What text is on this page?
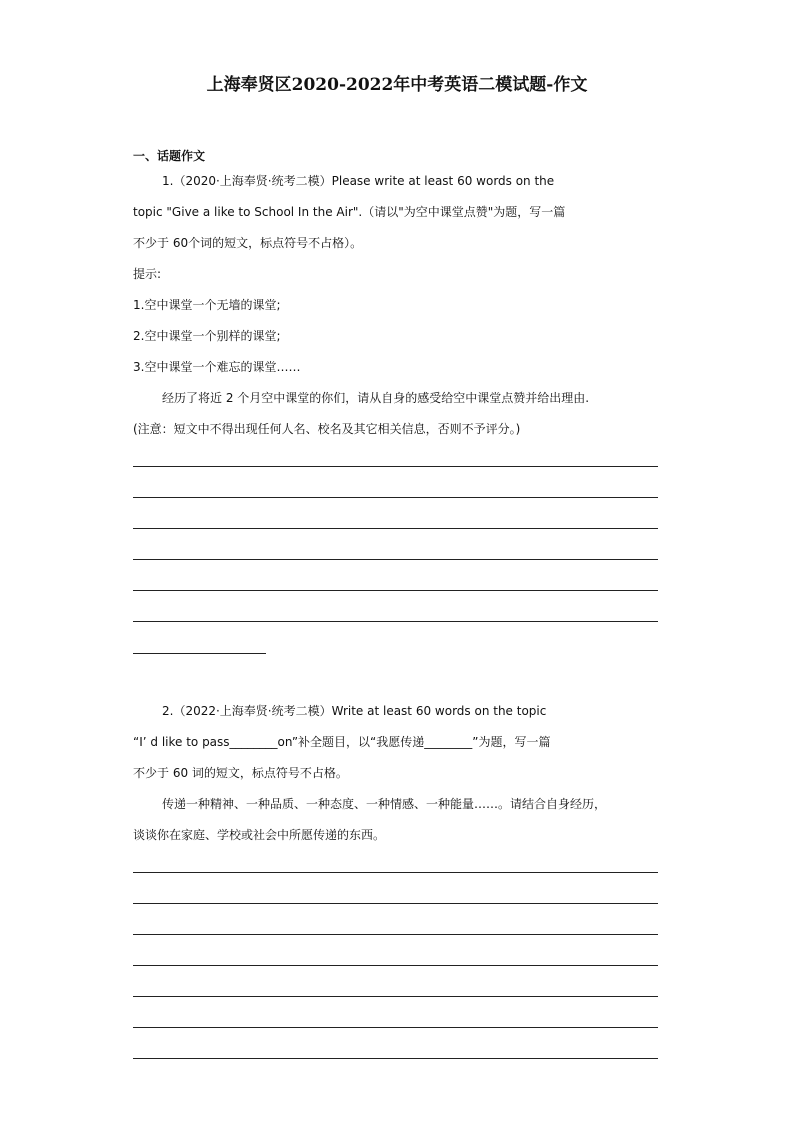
上海奉贤区2020-2022年中考英语二模试题-作文
一、话题作文
1.（2020·上海奉贤·统考二模）Please write at least 60 words on the
topic "Give a like to School In the Air".（请以"为空中课堂点赞"为题，写一篇
不少于 60个词的短文，标点符号不占格）。
提示:
1.空中课堂一个无墙的课堂;
2.空中课堂一个别样的课堂;
3.空中课堂一个难忘的课堂……
经历了将近 2 个月空中课堂的你们，请从自身的感受给空中课堂点赞并给出理由.
(注意：短文中不得出现任何人名、校名及其它相关信息，否则不予评分。)
2.（2022·上海奉贤·统考二模）Write at least 60 words on the topic
“I’ d like to pass________on”补全题目，以“我愿传递________”为题，写一篇
不少于 60 词的短文，标点符号不占格。
传递一种精神、一种品质、一种态度、一种情感、一种能量……。请结合自身经历，
谈谈你在家庭、学校或社会中所愿传递的东西。
